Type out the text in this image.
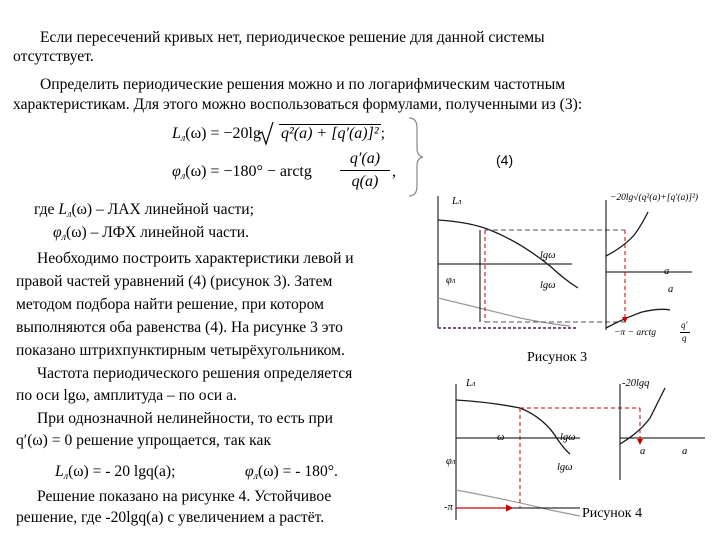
Если пересечений кривых нет, периодическое решение для данной системы
отсутствует.
Определить периодические решения можно и по логарифмическим частотным
характеристикам. Для этого можно воспользоваться формулами, полученными из (3):
$L_л(\omega) = -20\lg$ q²(a) + [q′(a)]² ;
$\varphi_л(\omega) = -180^\circ$ − arctg
q′(a)
q(a)
,
(4)
где $L_л(\omega)$ – ЛАХ линейной части;
$\varphi_л(\omega)$ – ЛФХ линейной части.
Необходимо построить характеристики левой и
правой частей уравнений (4) (рисунок 3). Затем
методом подбора найти решение, при котором
выполняются оба равенства (4). На рисунке 3 это
показано штрихпунктирным четырёхугольником.
Частота периодического решения определяется
по оси lgω, амплитуда – по оси a.
При однозначной нелинейности, то есть при
q′(ω) = 0 решение упрощается, так как
$L_л(\omega)$ = - 20 lgq(a);	$\varphi_л(\omega)$ = - 180°.
Решение показано на рисунке 4. Устойчивое
решение, где -20lgq(a) с увеличением a растёт.
Lл
φл
lgω
lgω
a
a
−20lg√(q²(a)+[q′(a)]²)
−π − arctg
q′
q
Рисунок 3
Lл
φл
ω	lgω
lgω
-π
-20lgq
a	a
Рисунок 4
